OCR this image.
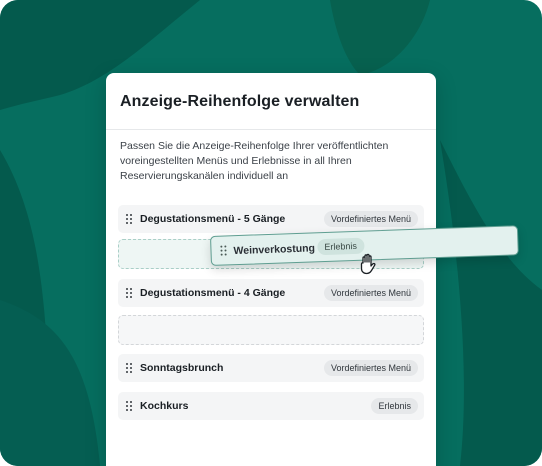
Anzeige-Reihenfolge verwalten
Passen Sie die Anzeige-Reihenfolge Ihrer veröffentlichten voreingestellten Menüs und Erlebnisse in all Ihren Reservierungskanälen individuell an
Degustationsmenü - 5 Gänge	Vordefiniertes Menü
Degustationsmenü - 4 Gänge	Vordefiniertes Menü
Sonntagsbrunch	Vordefiniertes Menü
Kochkurs	Erlebnis
Weinverkostung	Erlebnis
